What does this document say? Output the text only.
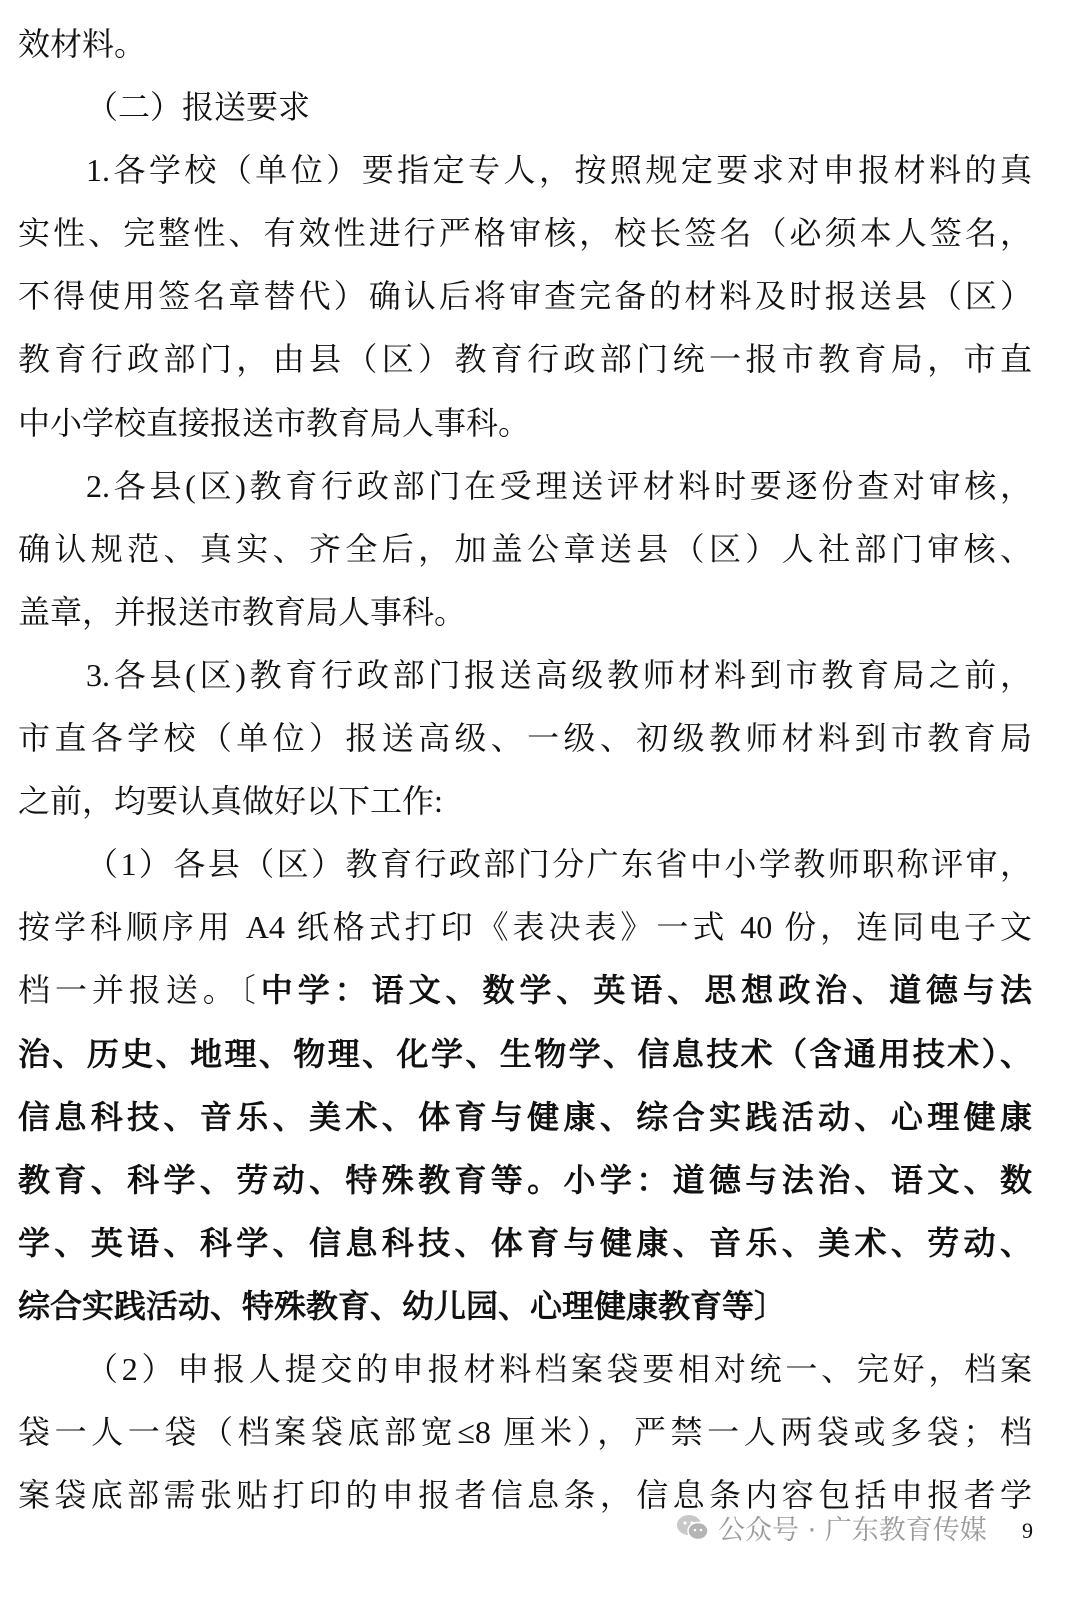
效材料。
（二）报送要求
1.各学校（单位）要指定专人，按照规定要求对申报材料的真
实性、完整性、有效性进行严格审核，校长签名（必须本人签名，
不得使用签名章替代）确认后将审查完备的材料及时报送县（区）
教育行政部门，由县（区）教育行政部门统一报市教育局，市直
中小学校直接报送市教育局人事科。
2.各县(区)教育行政部门在受理送评材料时要逐份查对审核，
确认规范、真实、齐全后，加盖公章送县（区）人社部门审核、
盖章，并报送市教育局人事科。
3.各县(区)教育行政部门报送高级教师材料到市教育局之前，
市直各学校（单位）报送高级、一级、初级教师材料到市教育局
之前，均要认真做好以下工作:
（1）各县（区）教育行政部门分广东省中小学教师职称评审，
按学科顺序用 A4 纸格式打印《表决表》一式 40 份，连同电子文
档一并报送。〔中学：语文、数学、英语、思想政治、道德与法
治、历史、地理、物理、化学、生物学、信息技术（含通用技术）、
信息科技、音乐、美术、体育与健康、综合实践活动、心理健康
教育、科学、劳动、特殊教育等。小学：道德与法治、语文、数
学、英语、科学、信息科技、体育与健康、音乐、美术、劳动、
综合实践活动、特殊教育、幼儿园、心理健康教育等〕
（2）申报人提交的申报材料档案袋要相对统一、完好，档案
袋一人一袋（档案袋底部宽≤8 厘米），严禁一人两袋或多袋；档
案袋底部需张贴打印的申报者信息条，信息条内容包括申报者学
公众号 · 广东教育传媒 9
